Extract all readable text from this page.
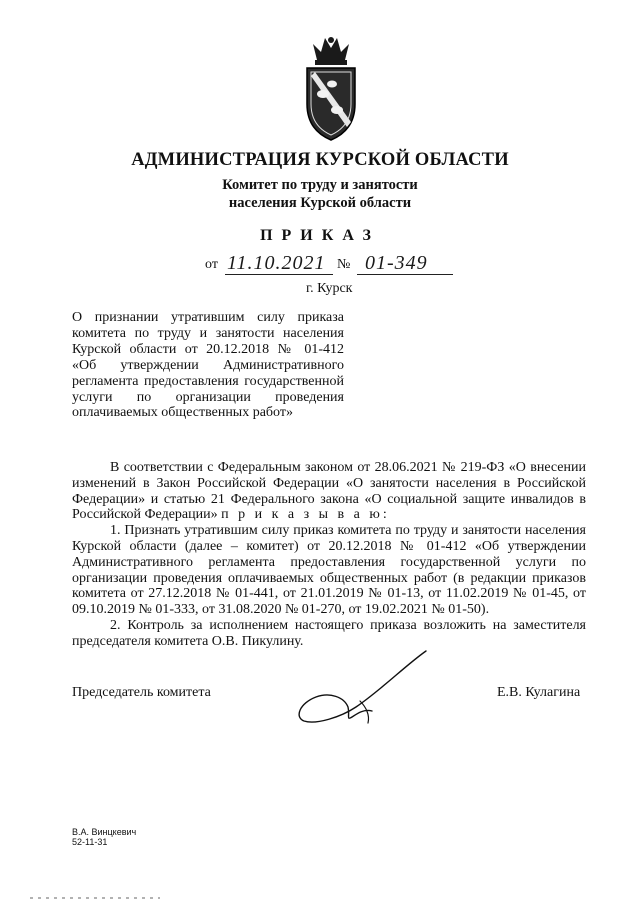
АДМИНИСТРАЦИЯ КУРСКОЙ ОБЛАСТИ
Комитет по труду и занятости
населения Курской области
ПРИКАЗ
от 11.10.2021 № 01-349
г. Курск
О признании утратившим силу приказа
комитета по труду и занятости населения
Курской области от 20.12.2018 № 01-412
«Об утверждении Административного
регламента предоставления государственной
услуги по организации проведения
оплачиваемых общественных работ»

В соответствии с Федеральным законом от 28.06.2021 № 219-ФЗ «О внесении изменений в Закон Российской Федерации «О занятости населения в Российской Федерации» и статью 21 Федерального закона «О социальной защите инвалидов в Российской Федерации» п р и к а з ы в а ю:

1. Признать утратившим силу приказ комитета по труду и занятости населения Курской области (далее – комитет) от 20.12.2018 № 01-412 «Об утверждении Административного регламента предоставления государственной услуги по организации проведения оплачиваемых общественных работ (в редакции приказов комитета от 27.12.2018 № 01-441, от 21.01.2019 № 01-13, от 11.02.2019 № 01-45, от 09.10.2019 № 01-333, от 31.08.2020 № 01-270, от 19.02.2021 № 01-50).

2. Контроль за исполнением настоящего приказа возложить на заместителя председателя комитета О.В. Пикулину.

Председатель комитета	Е.В. Кулагина
В.А. Винцкевич
52-11-31
